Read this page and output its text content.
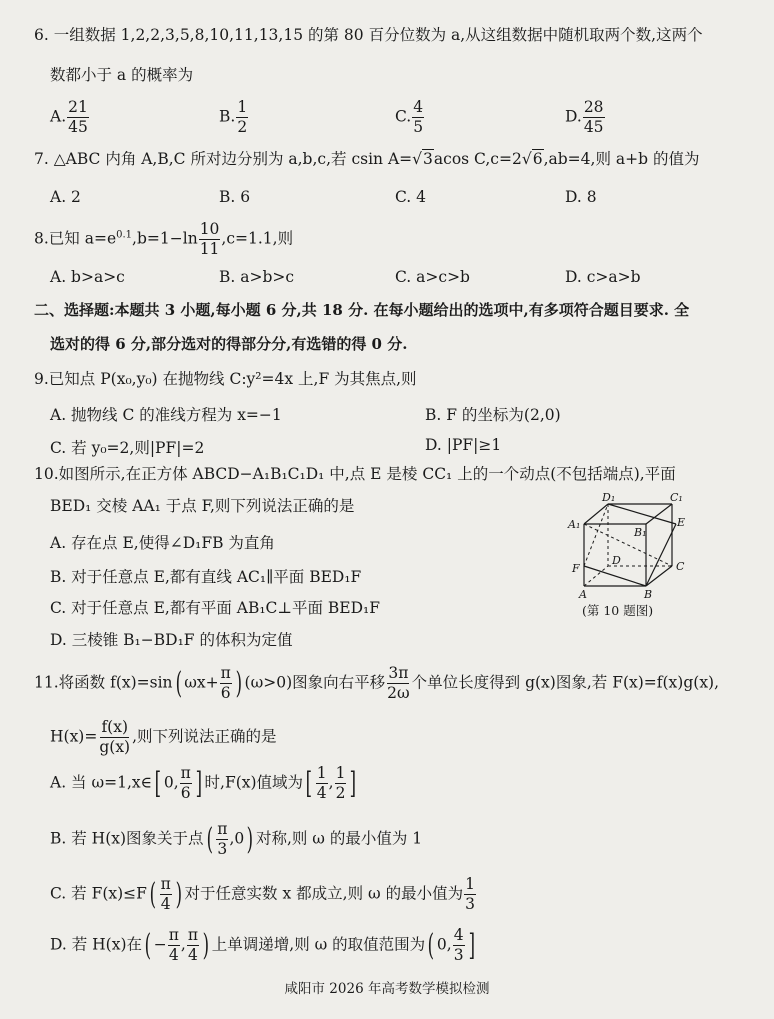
6. 一组数据 1,2,2,3,5,8,10,11,13,15 的第 80 百分位数为 a,从这组数据中随机取两个数,这两个
数都小于 a 的概率为
A. $\frac{21}{45}$	B. $\frac{1}{2}$	C. $\frac{4}{5}$	D. $\frac{28}{45}$
7. △ABC 内角 A,B,C 所对边分别为 a,b,c,若 csin A=√3acos C,c=2√6,ab=4,则 a+b 的值为
A. 2	B. 6	C. 4	D. 8
8.已知 $a=e^{0.1},b=1-\ln \frac{10}{11} ,c=1.1$,则
A. b>a>c	B. a>b>c	C. a>c>b	D. c>a>b
二、选择题:本题共 3 小题,每小题 6 分,共 18 分. 在每小题给出的选项中,有多项符合题目要求. 全
选对的得 6 分,部分选对的得部分分,有选错的得 0 分.
9.已知点 P(x₀,y₀) 在抛物线 C:y²=4x 上,F 为其焦点,则
A. 抛物线 C 的准线方程为 x=−1	B. F 的坐标为(2,0)
C. 若 y₀=2,则|PF|=2	D. |PF|≥1
10.如图所示,在正方体 ABCD−A₁B₁C₁D₁ 中,点 E 是棱 CC₁ 上的一个动点(不包括端点),平面
BED₁ 交棱 AA₁ 于点 F,则下列说法正确的是
A. 存在点 E,使得∠D₁FB 为直角
B. 对于任意点 E,都有直线 AC₁∥平面 BED₁F
C. 对于任意点 E,都有平面 AB₁C⊥平面 BED₁F
D. 三棱锥 B₁−BD₁F 的体积为定值
D₁	C₁
A₁
B₁
E
D
F	C
A	B
(第 10 题图)
11.将函数 f(x)=sin( $\omega x+ \frac{\pi}{6}$ ) (ω>0)图象向右平移 $\frac{3\pi}{2\omega}$ 个单位长度得到 g(x)图象,若 F(x)=f(x)g(x),
$H(x)= \frac{f(x)}{g(x)}$ ,则下列说法正确的是
A. 当 ω=1,x∈[ 0, $\frac{\pi}{6}$ ] 时,F(x)值域为[ $\frac{1}{4}$ , $\frac{1}{2}$ ]
B. 若 H(x)图象关于点( $\frac{\pi}{3} ,0$) 对称,则 ω 的最小值为 1
C. 若 $F(x)\le F( \frac{\pi}{4}$ ) 对于任意实数 x 都成立,则 ω 的最小值为 $\frac{1}{3}$
D. 若 H(x)在( − $\frac{\pi}{4}$ , $\frac{\pi}{4}$ ) 上单调递增,则 ω 的取值范围为( 0, $\frac{4}{3}$ ]
咸阳市 2026 年高考数学模拟检测
